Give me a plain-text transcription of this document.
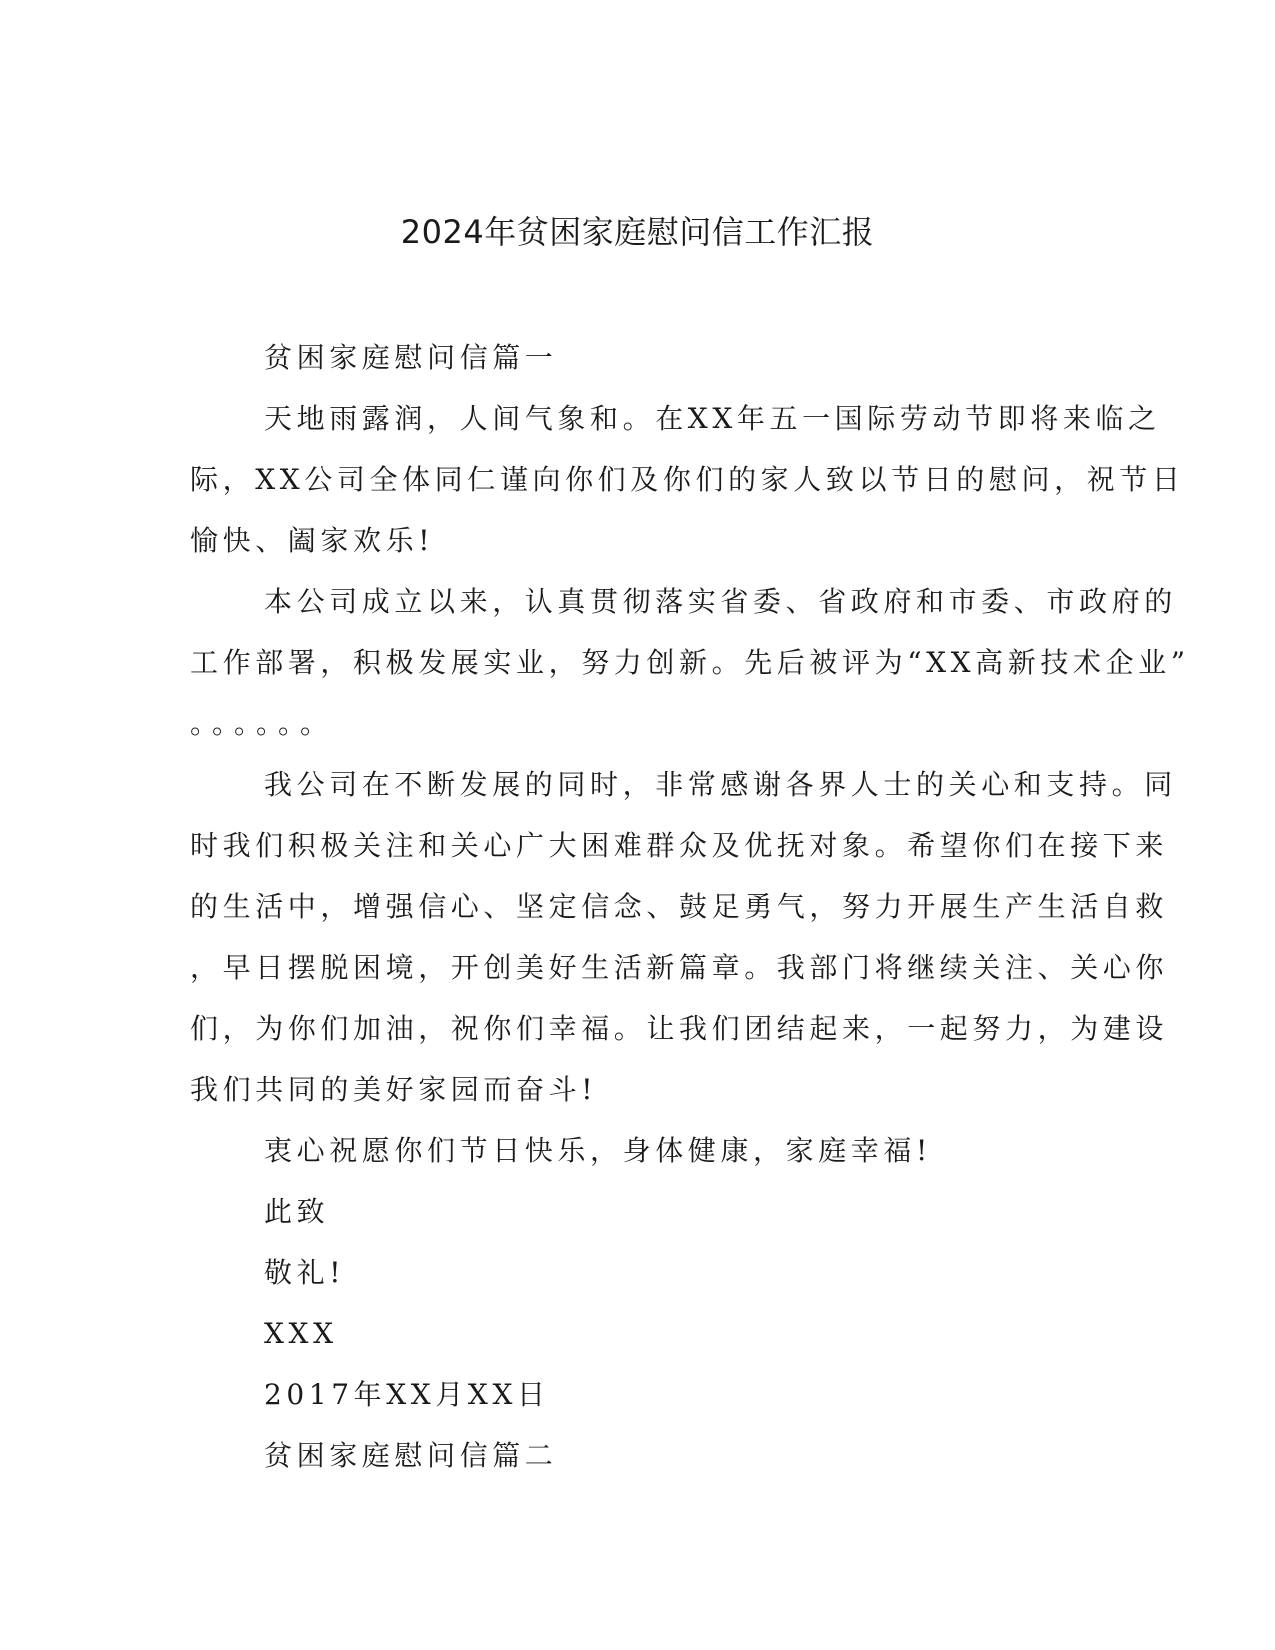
2024年贫困家庭慰问信工作汇报
贫困家庭慰问信篇一
天地雨露润，人间气象和。在XX年五一国际劳动节即将来临之
际，XX公司全体同仁谨向你们及你们的家人致以节日的慰问，祝节日
愉快、阖家欢乐!
本公司成立以来，认真贯彻落实省委、省政府和市委、市政府的
工作部署，积极发展实业，努力创新。先后被评为“XX高新技术企业”
。。。。。。
我公司在不断发展的同时，非常感谢各界人士的关心和支持。同
时我们积极关注和关心广大困难群众及优抚对象。希望你们在接下来
的生活中，增强信心、坚定信念、鼓足勇气，努力开展生产生活自救
，早日摆脱困境，开创美好生活新篇章。我部门将继续关注、关心你
们，为你们加油，祝你们幸福。让我们团结起来，一起努力，为建设
我们共同的美好家园而奋斗!
衷心祝愿你们节日快乐，身体健康，家庭幸福!
此致
敬礼!
XXX
2017年XX月XX日
贫困家庭慰问信篇二
